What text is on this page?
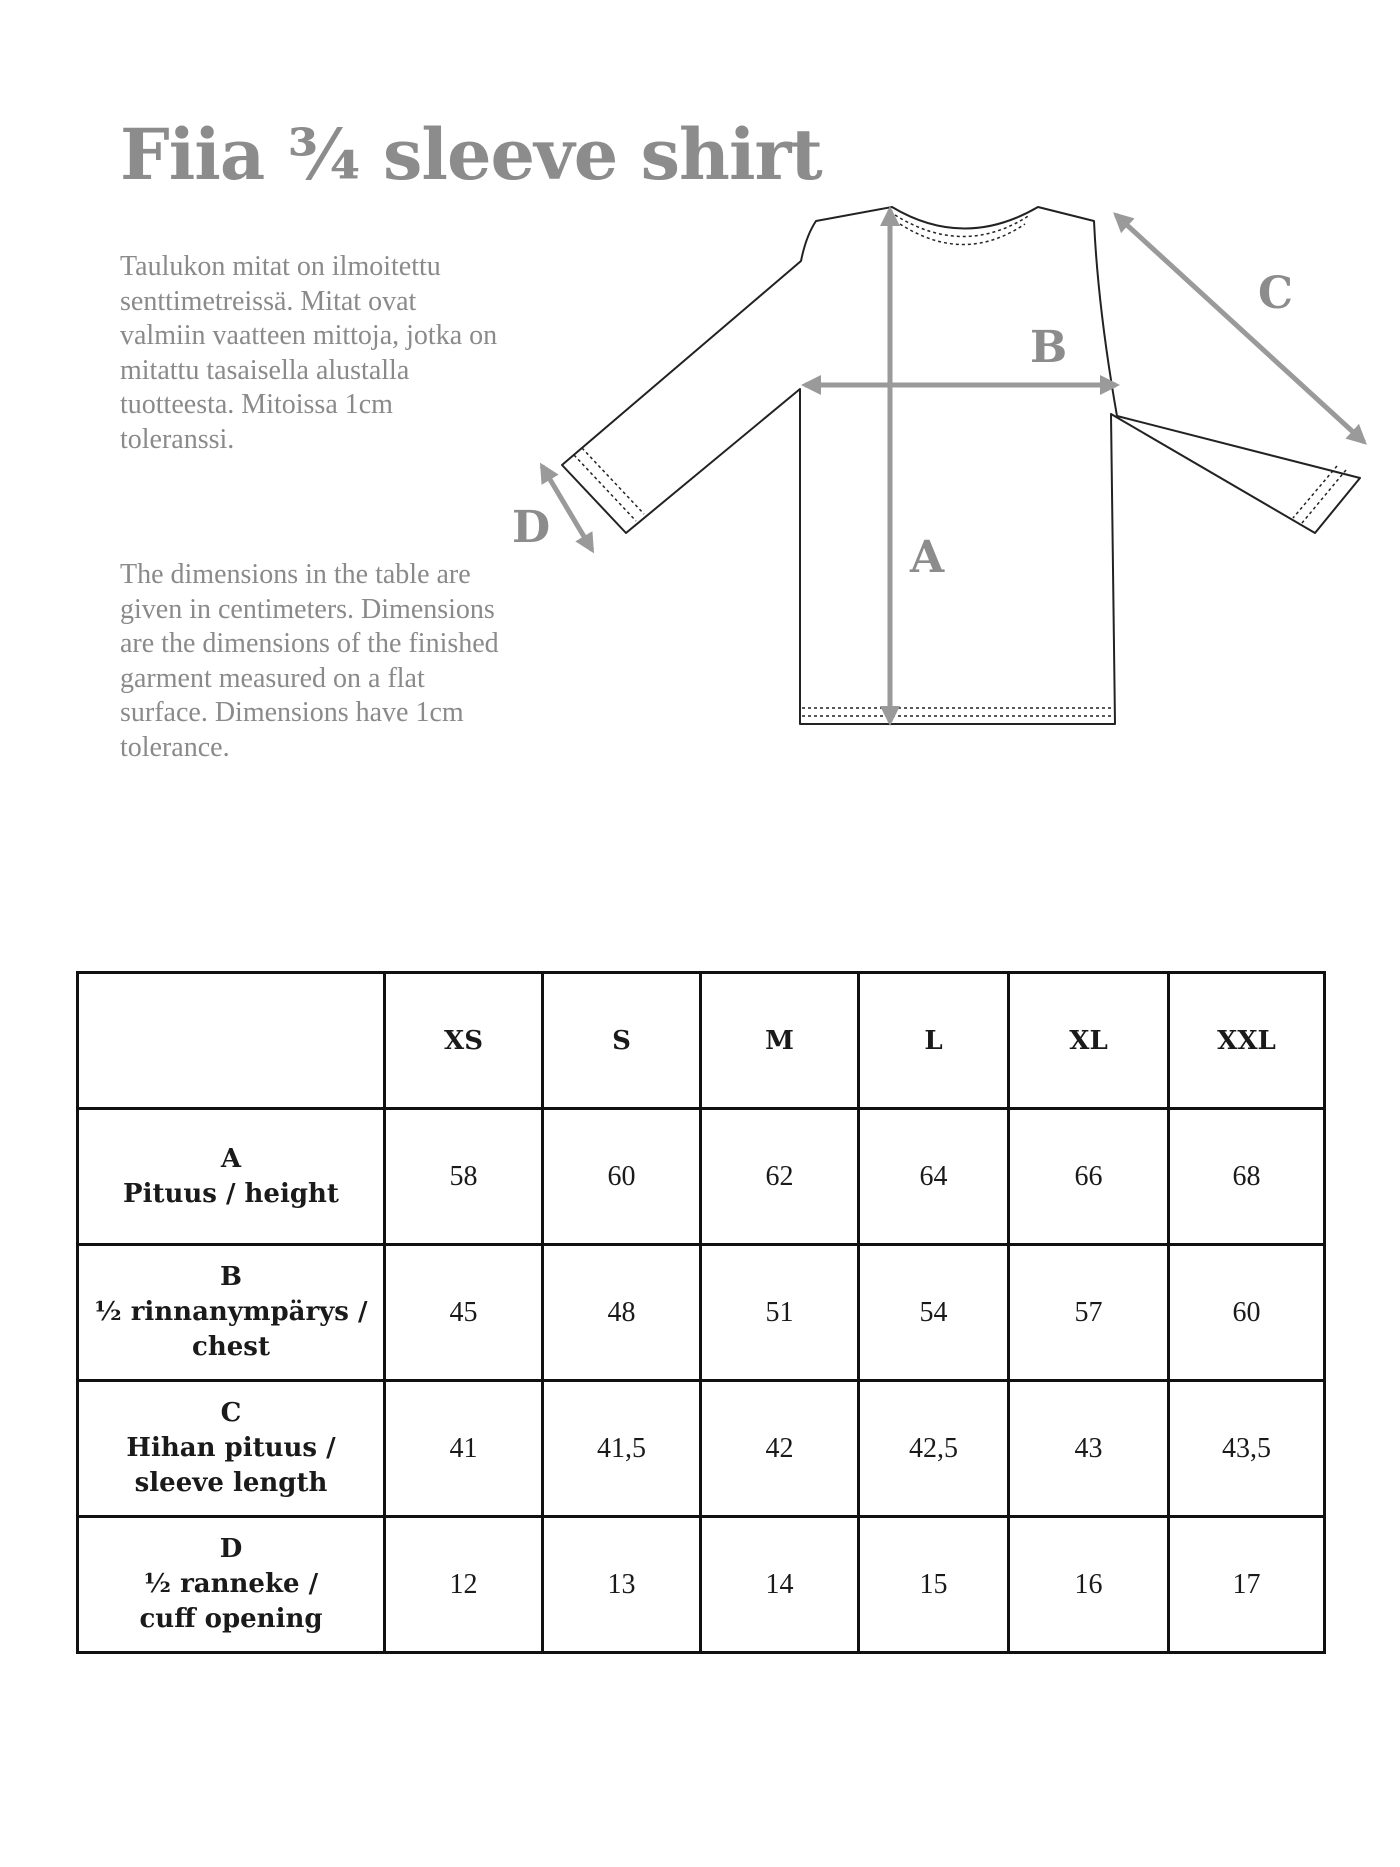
Fiia ¾ sleeve shirt

Taulukon mitat on ilmoitettu senttimetreissä. Mitat ovat valmiin vaatteen mittoja, jotka on mitattu tasaisella alustalla tuotteesta. Mitoissa 1cm toleranssi.

The dimensions in the table are given in centimeters. Dimensions are the dimensions of the finished garment measured on a flat surface. Dimensions have 1cm tolerance.

A
B
C
D
	XS	S	M	L	XL	XXL

A
Pituus / height	58	60	62	64	66	68

B
½ rinnanympärys /
chest	45	48	51	54	57	60

C
Hihan pituus /
sleeve length	41	41,5	42	42,5	43	43,5

D
½ ranneke /
cuff opening	12	13	14	15	16	17
